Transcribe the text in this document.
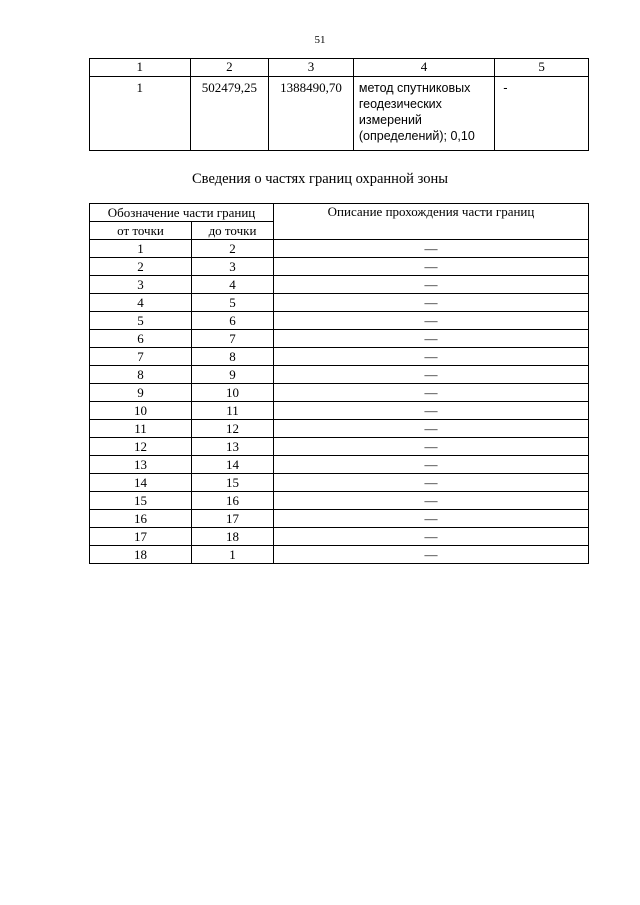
51
1	2	3	4	5
1	502479,25	1388490,70	метод спутниковых
геодезических
измерений
(определений); 0,10	-
Сведения о частях границ охранной зоны
Обозначение части границ		Описание прохождения части границ
от точки	до точки	
1	2	—
2	3	—
3	4	—
4	5	—
5	6	—
6	7	—
7	8	—
8	9	—
9	10	—
10	11	—
11	12	—
12	13	—
13	14	—
14	15	—
15	16	—
16	17	—
17	18	—
18	1	—
